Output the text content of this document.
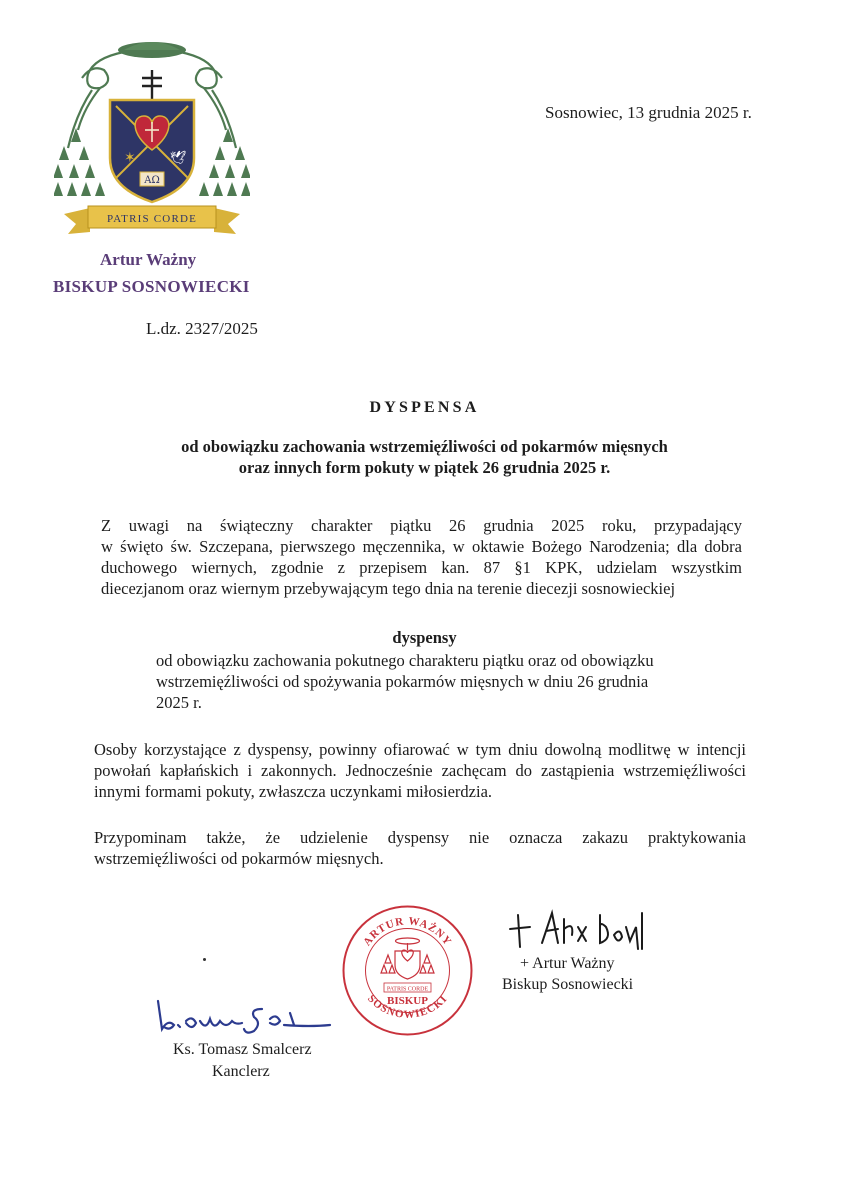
✶	🕊
AΩ
PATRIS CORDE
Artur Ważny
BISKUP SOSNOWIECKI
Sosnowiec, 13 grudnia 2025 r.
L.dz. 2327/2025
DYSPENSA
od obowiązku zachowania wstrzemięźliwości od pokarmów mięsnych
oraz innych form pokuty w piątek 26 grudnia 2025 r.
Z uwagi na świąteczny charakter piątku 26 grudnia 2025 roku, przypadający
w święto św. Szczepana, pierwszego męczennika, w oktawie Bożego Narodzenia; dla dobra
duchowego wiernych, zgodnie z przepisem kan. 87 §1 KPK, udzielam wszystkim
diecezjanom oraz wiernym przebywającym tego dnia na terenie diecezji sosnowieckiej
dyspensy
od obowiązku zachowania pokutnego charakteru piątku oraz od obowiązku
wstrzemięźliwości od spożywania pokarmów mięsnych w dniu 26 grudnia
2025 r.
Osoby korzystające z dyspensy, powinny ofiarować w tym dniu dowolną modlitwę w intencji
powołań kapłańskich i zakonnych. Jednocześnie zachęcam do zastąpienia wstrzemięźliwości
innymi formami pokuty, zwłaszcza uczynkami miłosierdzia.
Przypominam także, że udzielenie dyspensy nie oznacza zakazu praktykowania
wstrzemięźliwości od pokarmów mięsnych.
ARTUR WAŻNY
SOSNOWIECKI
PATRIS CORDE
BISKUP
+ Artur Ważny
Biskup Sosnowiecki
Ks. Tomasz Smalcerz
Kanclerz
